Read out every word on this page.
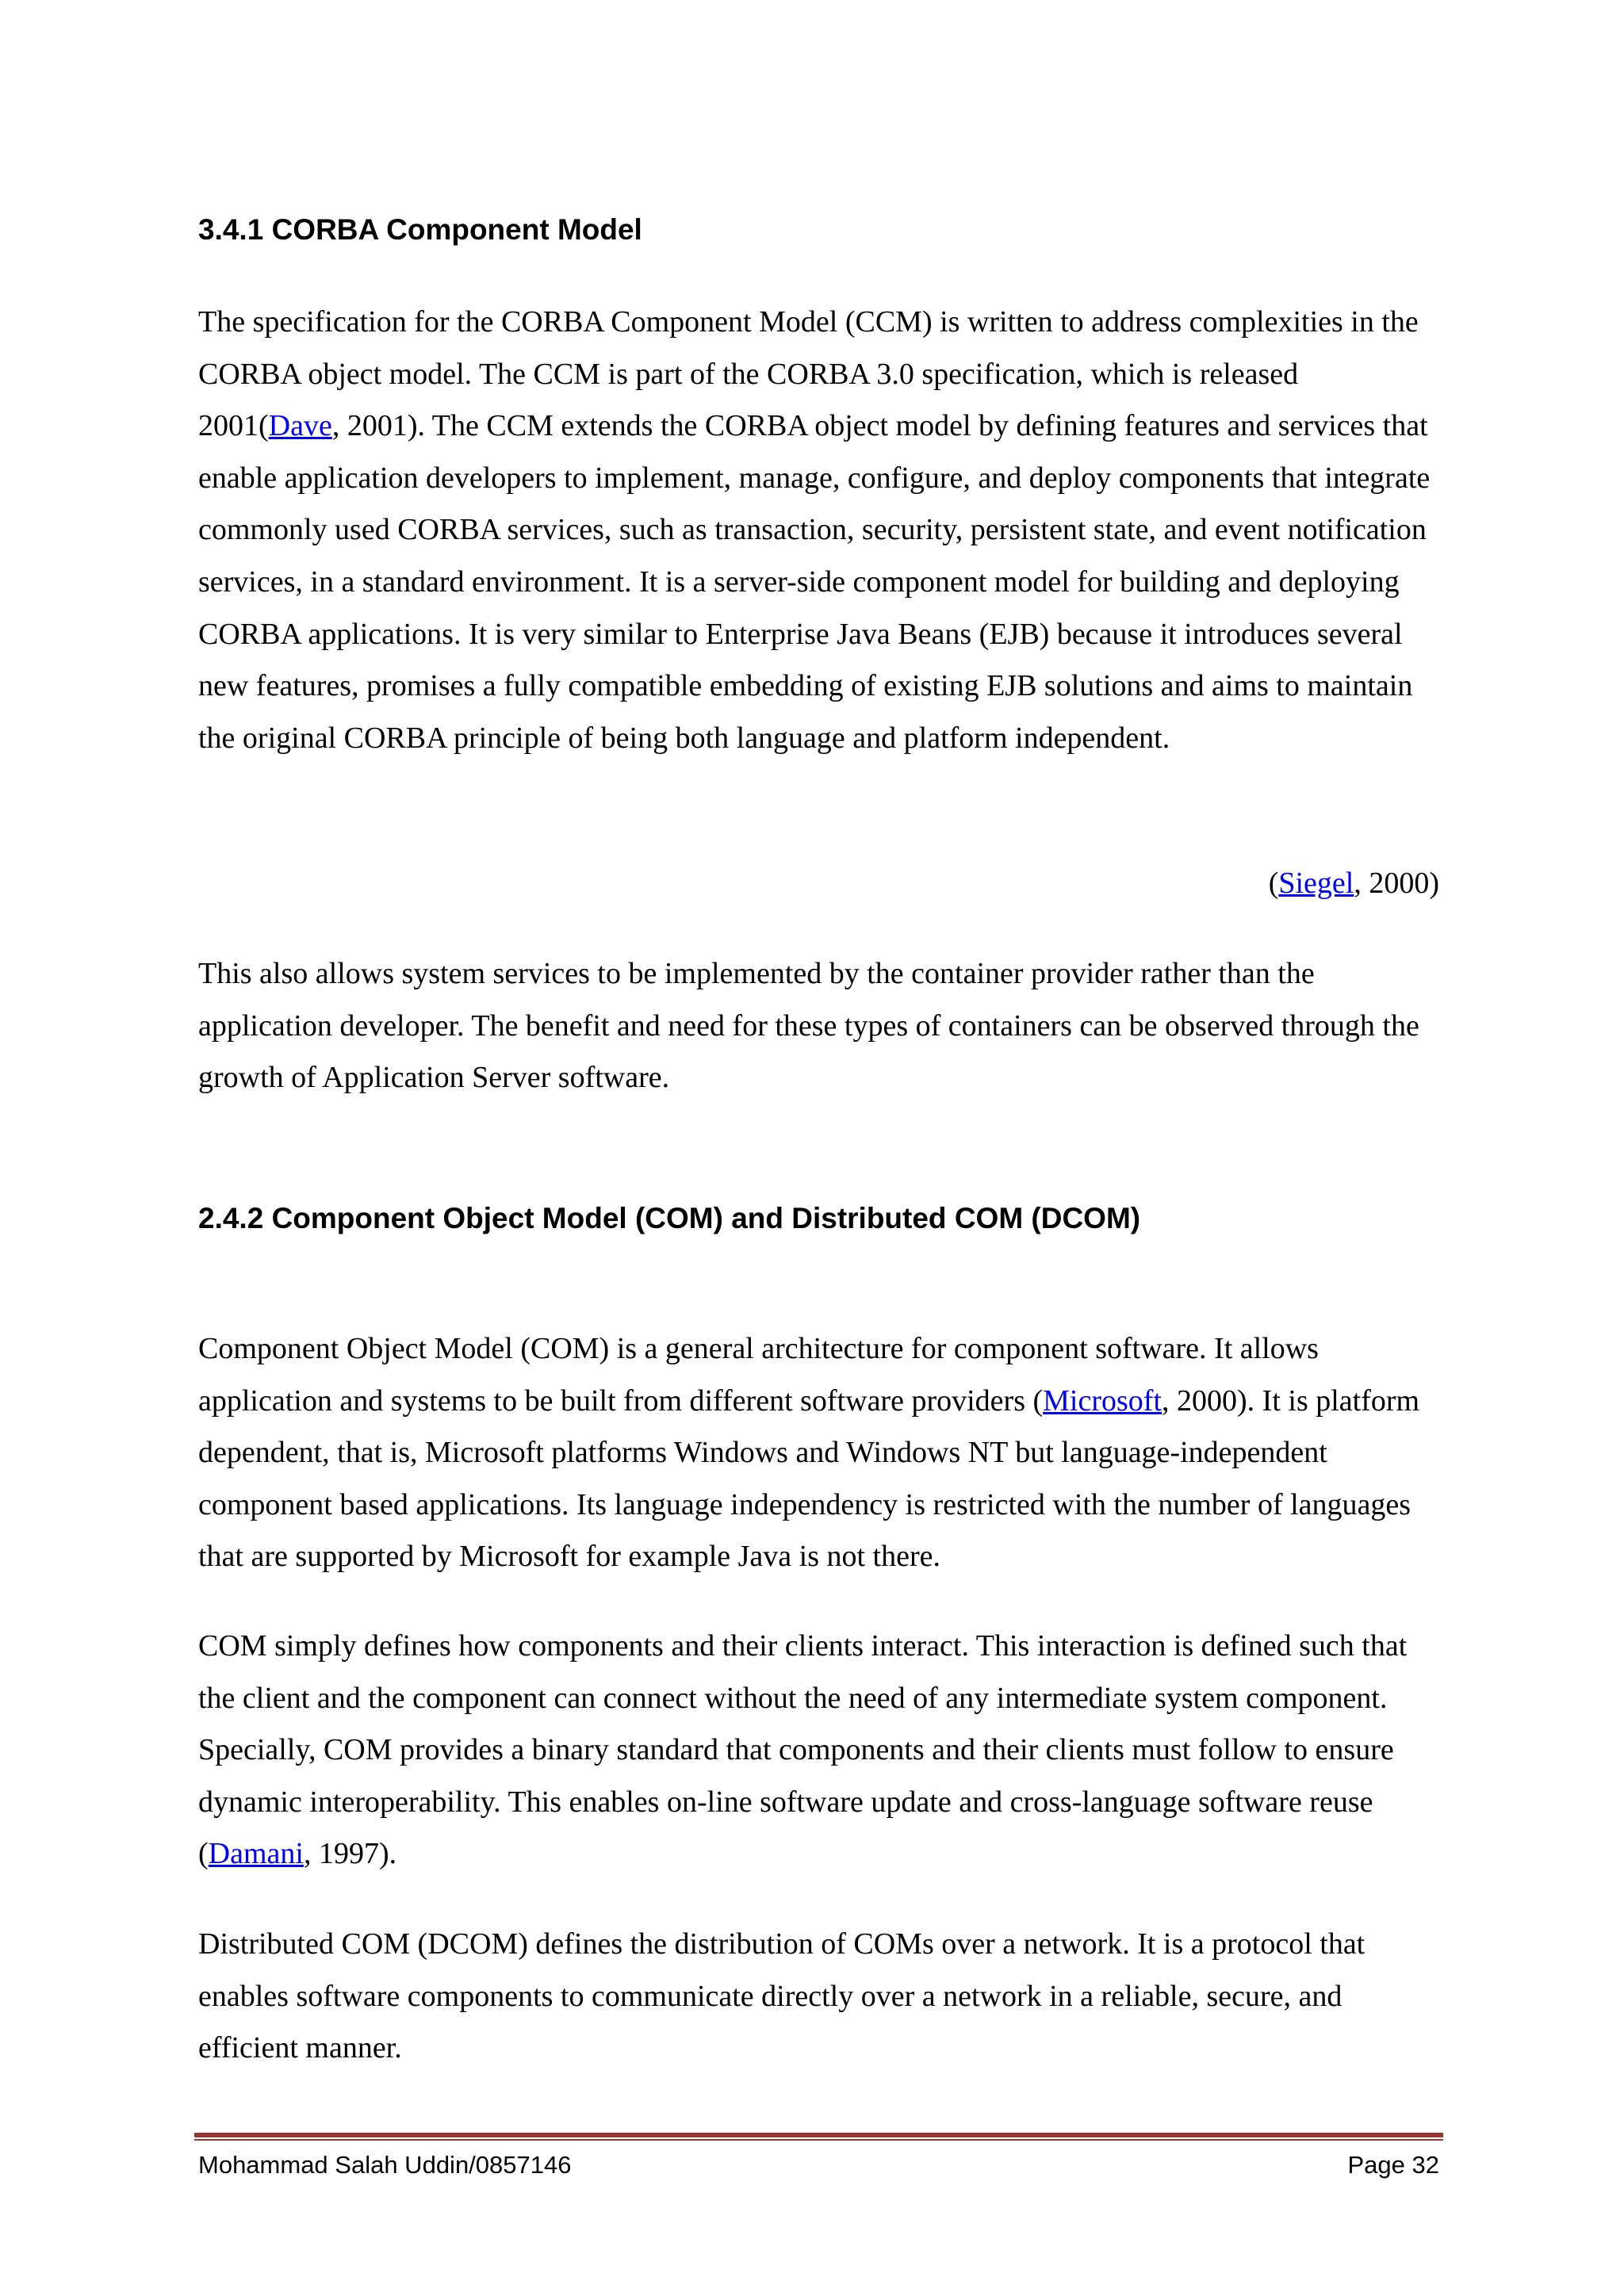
3.4.1 CORBA Component Model

The specification for the CORBA Component Model (CCM) is written to address complexities in the CORBA object model. The CCM is part of the CORBA 3.0 specification, which is released 2001(Dave, 2001). The CCM extends the CORBA object model by defining features and services that enable application developers to implement, manage, configure, and deploy components that integrate commonly used CORBA services, such as transaction, security, persistent state, and event notification services, in a standard environment. It is a server-side component model for building and deploying CORBA applications. It is very similar to Enterprise Java Beans (EJB) because it introduces several new features, promises a fully compatible embedding of existing EJB solutions and aims to maintain the original CORBA principle of being both language and platform independent.

(Siegel, 2000)

This also allows system services to be implemented by the container provider rather than the application developer. The benefit and need for these types of containers can be observed through the growth of Application Server software.

2.4.2 Component Object Model (COM) and Distributed COM (DCOM)

Component Object Model (COM) is a general architecture for component software. It allows application and systems to be built from different software providers (Microsoft, 2000). It is platform dependent, that is, Microsoft platforms Windows and Windows NT but language-independent component based applications. Its language independency is restricted with the number of languages that are supported by Microsoft for example Java is not there.

COM simply defines how components and their clients interact. This interaction is defined such that the client and the component can connect without the need of any intermediate system component. Specially, COM provides a binary standard that components and their clients must follow to ensure dynamic interoperability. This enables on-line software update and cross-language software reuse (Damani, 1997).

Distributed COM (DCOM) defines the distribution of COMs over a network. It is a protocol that enables software components to communicate directly over a network in a reliable, secure, and efficient manner.

Mohammad Salah Uddin/0857146	Page 32
